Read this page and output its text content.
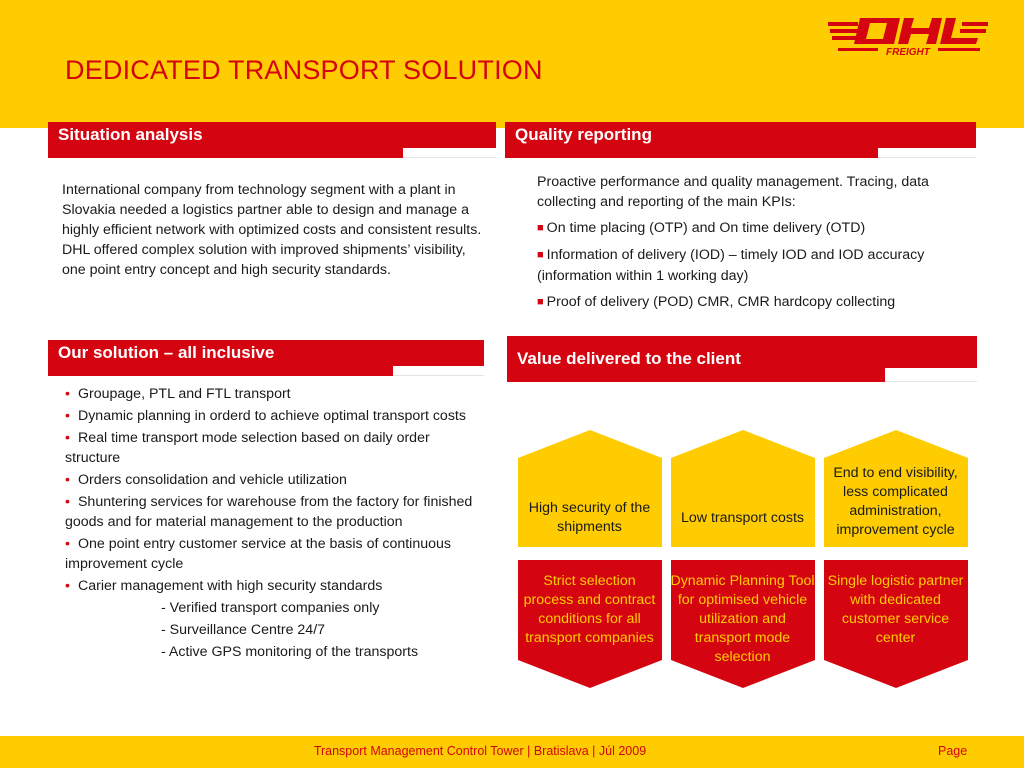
DEDICATED TRANSPORT SOLUTION
FREIGHT
Situation analysis
International company from technology segment with a plant in Slovakia needed a logistics partner able to design and manage a highly efficient network with optimized costs and consistent results. DHL offered complex solution with improved shipments’ visibility, one point entry concept and high security standards.
Quality reporting

Proactive performance and quality management. Tracing, data collecting and reporting of the main KPIs:

■ On time placing (OTP) and On time delivery (OTD)

■ Information of delivery (IOD) – timely IOD and IOD accuracy (information within 1 working day)

■ Proof of delivery (POD) CMR, CMR hardcopy collecting

Our solution – all inclusive
• Groupage, PTL and FTL transport
• Dynamic planning in orderd to achieve optimal transport costs
• Real time transport mode selection based on daily order structure
• Orders consolidation and vehicle utilization
• Shuntering services for warehouse from the factory for finished goods and for material management to the production
• One point entry customer service at the basis of continuous improvement cycle
• Carier management with high security standards
- Verified transport companies only
- Surveillance Centre 24/7
- Active GPS monitoring of the transports
Value delivered to the client
High security of the shipments
Low transport costs
End to end visibility, less complicated administration, improvement cycle
Strict selection process and contract conditions for all transport companies
Dynamic Planning Tool for optimised vehicle utilization and transport mode selection
Single logistic partner with dedicated customer service center
Transport Management Control Tower | Bratislava | Júl 2009	Page
